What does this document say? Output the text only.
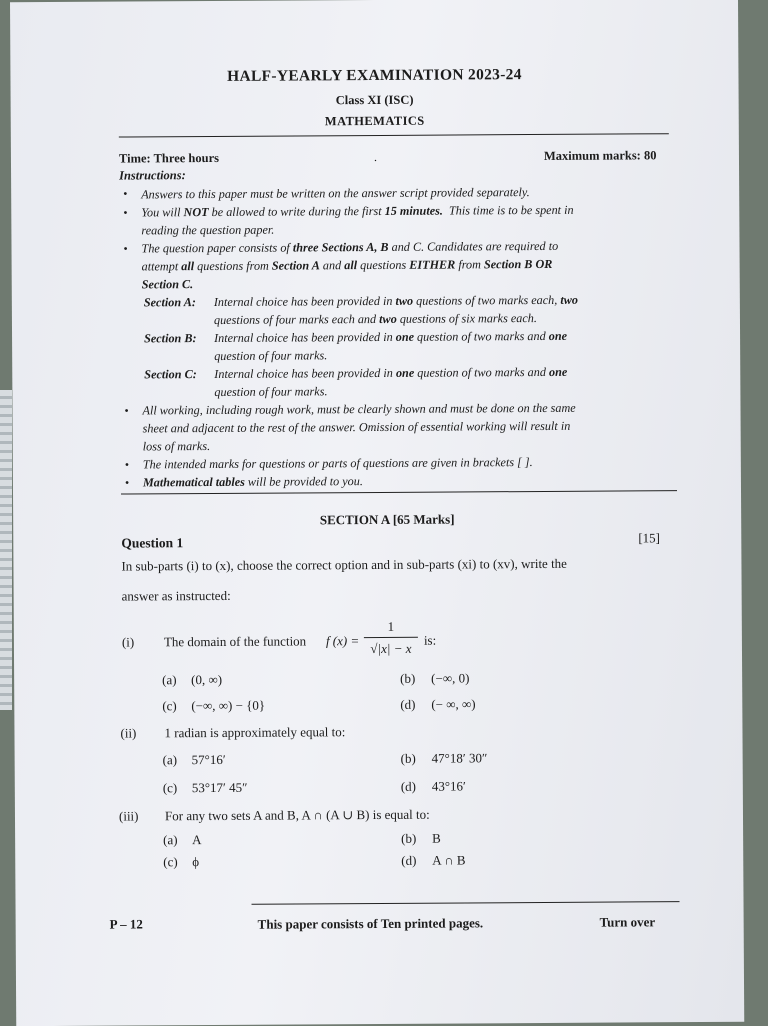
HALF-YEARLY EXAMINATION 2023-24
Class XI (ISC)
MATHEMATICS
Time: Three hours	.	Maximum marks: 80
Instructions:
• Answers to this paper must be written on the answer script provided separately.
• You will NOT be allowed to write during the first 15 minutes. This time is to be spent in
reading the question paper.
• The question paper consists of three Sections A, B and C. Candidates are required to
attempt all questions from Section A and all questions EITHER from Section B OR
Section C.
Section A: Internal choice has been provided in two questions of two marks each, two
questions of four marks each and two questions of six marks each.
Section B: Internal choice has been provided in one question of two marks and one
question of four marks.
Section C: Internal choice has been provided in one question of two marks and one
question of four marks.
• All working, including rough work, must be clearly shown and must be done on the same
sheet and adjacent to the rest of the answer. Omission of essential working will result in
loss of marks.
• The intended marks for questions or parts of questions are given in brackets [ ].
• Mathematical tables will be provided to you.
SECTION A [65 Marks]
Question 1	[15]
In sub-parts (i) to (x), choose the correct option and in sub-parts (xi) to (xv), write the
answer as instructed:
(i) The domain of the function f (x) =
1
√|x| − x
is:
(a) (0, ∞)	(b) (−∞, 0)
(c) (−∞, ∞) − {0}	(d) (− ∞, ∞)
(ii) 1 radian is approximately equal to:
(a) 57°16′	(b) 47°18′ 30″
(c) 53°17′ 45″	(d) 43°16′
(iii) For any two sets A and B, A ∩ (A ∪ B) is equal to:
(a) A	(b) B
(c) ϕ	(d) A ∩ B
P – 12	This paper consists of Ten printed pages.	Turn over
